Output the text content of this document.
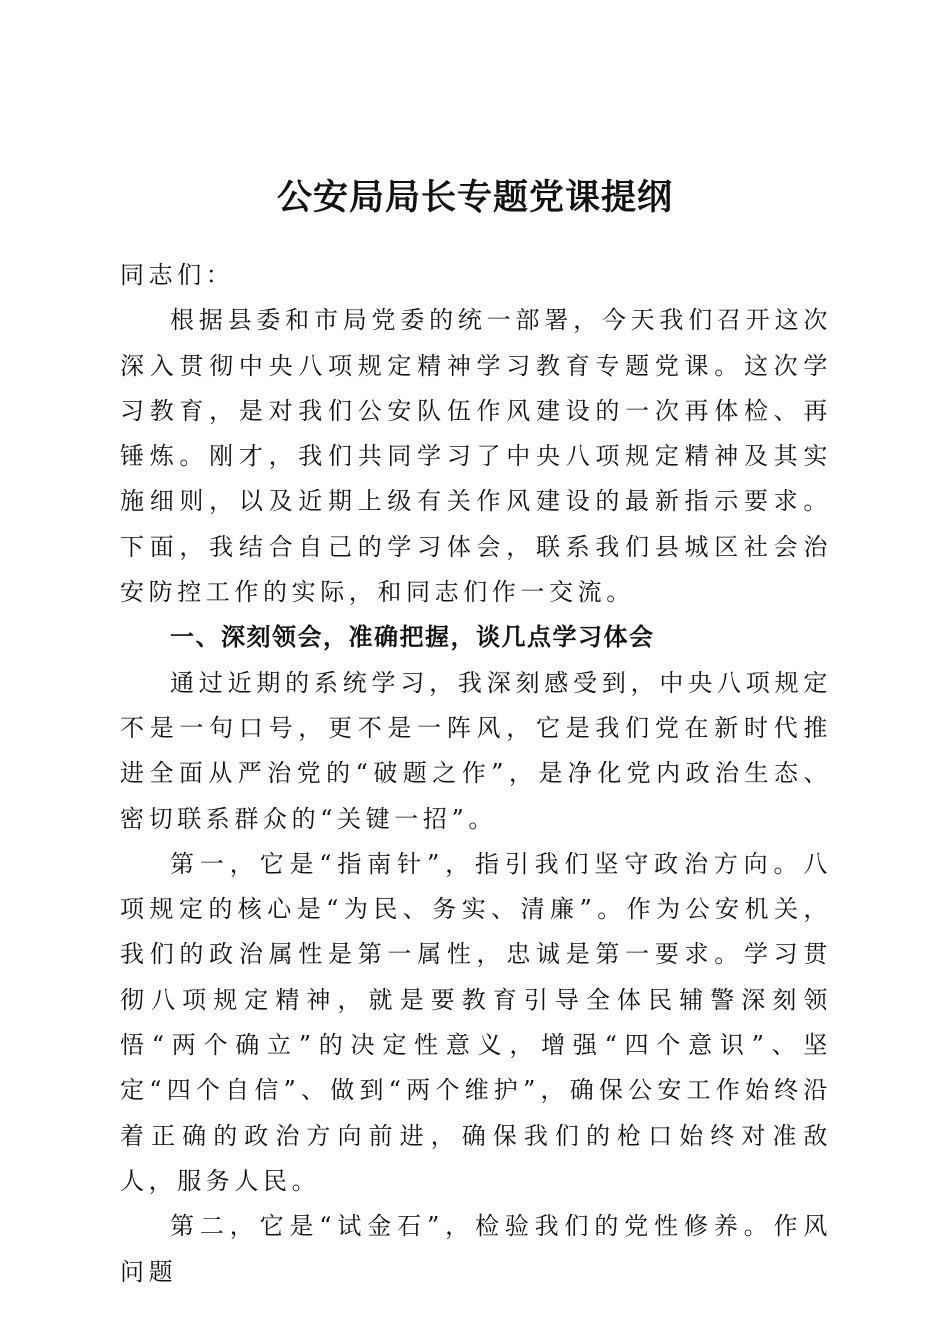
公安局局长专题党课提纲

同志们：

根据县委和市局党委的统一部署，今天我们召开这次深入贯彻中央八项规定精神学习教育专题党课。这次学习教育，是对我们公安队伍作风建设的一次再体检、再锤炼。刚才，我们共同学习了中央八项规定精神及其实施细则，以及近期上级有关作风建设的最新指示要求。下面，我结合自己的学习体会，联系我们县城区社会治安防控工作的实际，和同志们作一交流。

一、深刻领会，准确把握，谈几点学习体会

通过近期的系统学习，我深刻感受到，中央八项规定不是一句口号，更不是一阵风，它是我们党在新时代推进全面从严治党的“破题之作”，是净化党内政治生态、密切联系群众的“关键一招”。

第一，它是“指南针”，指引我们坚守政治方向。八项规定的核心是“为民、务实、清廉”。作为公安机关，我们的政治属性是第一属性，忠诚是第一要求。学习贯彻八项规定精神，就是要教育引导全体民辅警深刻领悟“两个确立”的决定性意义，增强“四个意识”、坚定“四个自信”、做到“两个维护”，确保公安工作始终沿着正确的政治方向前进，确保我们的枪口始终对准敌人，服务人民。

第二，它是“试金石”，检验我们的党性修养。作风问题
